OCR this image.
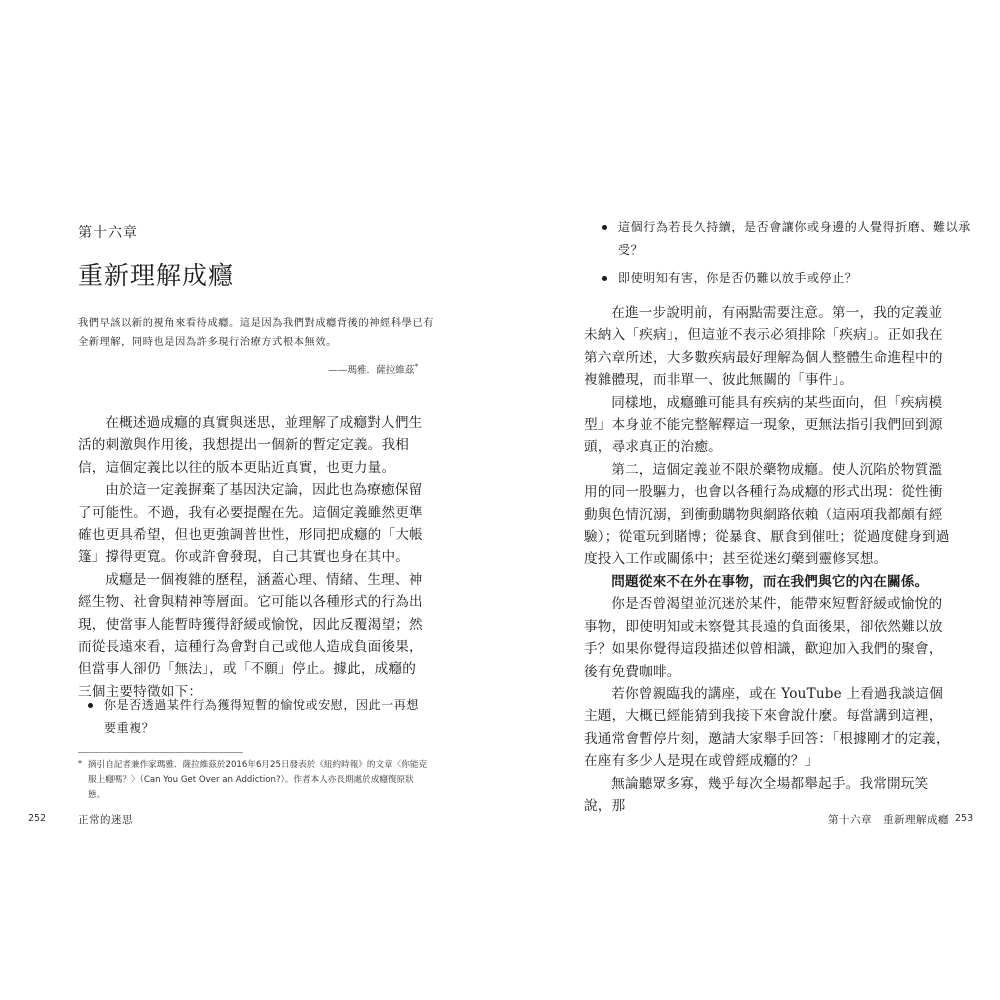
第十六章
重新理解成癮
我們早該以新的視角來看待成癮。這是因為我們對成癮背後的神經科學已有全新理解，同時也是因為許多現行治療方式根本無效。
——瑪雅．薩拉維茲*

在概述過成癮的真實與迷思，並理解了成癮對人們生活的刺激與作用後，我想提出一個新的暫定定義。我相信，這個定義比以往的版本更貼近真實，也更力量。

由於這一定義摒棄了基因決定論，因此也為療癒保留了可能性。不過，我有必要提醒在先。這個定義雖然更準確也更具希望，但也更強調普世性，形同把成癮的「大帳篷」撐得更寬。你或許會發現，自己其實也身在其中。

成癮是一個複雜的歷程，涵蓋心理、情緒、生理、神經生物、社會與精神等層面。它可能以各種形式的行為出現，使當事人能暫時獲得舒緩或愉悅，因此反覆渴望；然而從長遠來看，這種行為會對自己或他人造成負面後果，但當事人卻仍「無法」，或「不願」停止。據此，成癮的三個主要特徵如下：

你是否透過某件行為獲得短暫的愉悅或安慰，因此一再想要重複？
* 摘引自記者兼作家瑪雅．薩拉維茲於2016年6月25日發表於《紐約時報》的文章〈你能克服上癮嗎？〉（Can You Get Over an Addiction?）。作者本人亦長期處於成癮復原狀態。
252	正常的迷思
這個行為若長久持續，是否會讓你或身邊的人覺得折磨、難以承受？
即使明知有害，你是否仍難以放手或停止？

在進一步說明前，有兩點需要注意。第一，我的定義並未納入「疾病」，但這並不表示必須排除「疾病」。正如我在第六章所述，大多數疾病最好理解為個人整體生命進程中的複雜體現，而非單一、彼此無關的「事件」。

同樣地，成癮雖可能具有疾病的某些面向，但「疾病模型」本身並不能完整解釋這一現象，更無法指引我們回到源頭，尋求真正的治癒。

第二，這個定義並不限於藥物成癮。使人沉陷於物質濫用的同一股驅力，也會以各種行為成癮的形式出現：從性衝動與色情沉溺，到衝動購物與網路依賴（這兩項我都頗有經驗）；從電玩到賭博；從暴食、厭食到催吐；從過度健身到過度投入工作或關係中；甚至從迷幻藥到靈修冥想。

問題從來不在外在事物，而在我們與它的內在關係。

你是否曾渴望並沉迷於某件，能帶來短暫舒緩或愉悅的事物，即使明知或未察覺其長遠的負面後果，卻依然難以放手？如果你覺得這段描述似曾相識，歡迎加入我們的聚會，後有免費咖啡。

若你曾親臨我的講座，或在 YouTube 上看過我談這個主題，大概已經能猜到我接下來會說什麼。每當講到這裡，我通常會暫停片刻，邀請大家舉手回答：「根據剛才的定義，在座有多少人是現在或曾經成癮的？」

無論聽眾多寡，幾乎每次全場都舉起手。我常開玩笑說，那

第十六章　重新理解成癮 253
